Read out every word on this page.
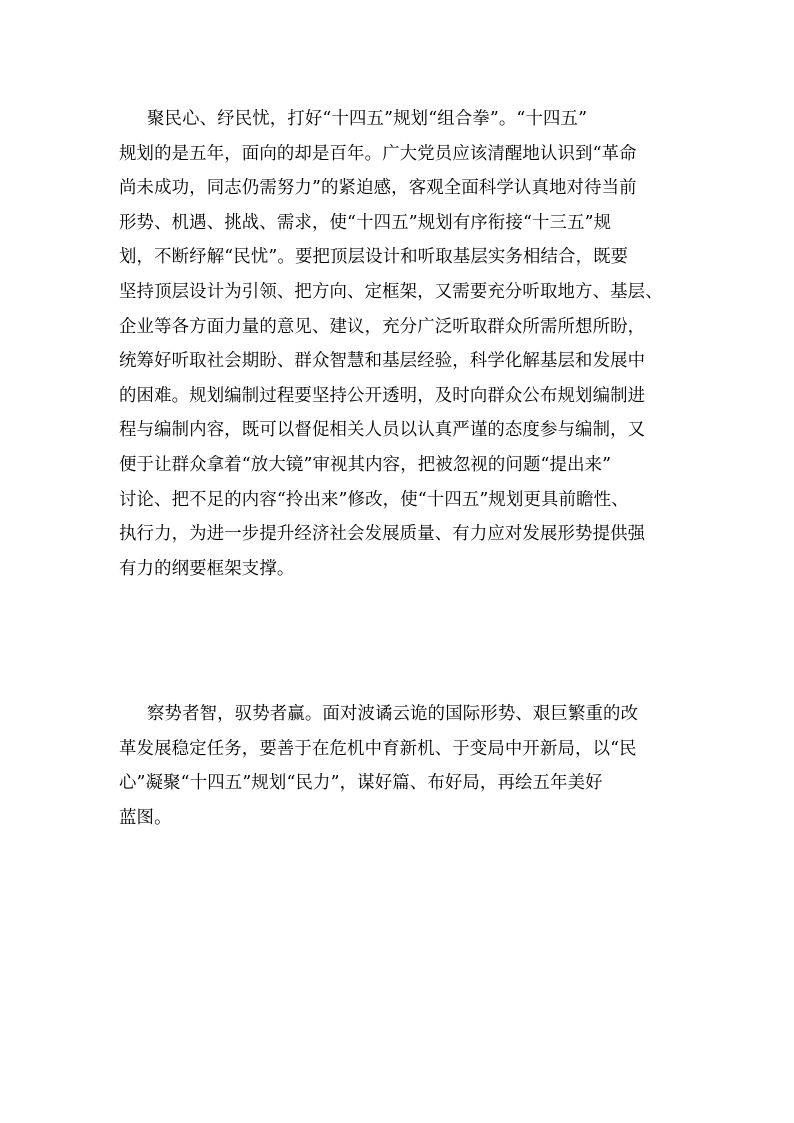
聚民心、纾民忧，打好“十四五”规划“组合拳”。“十四五”
规划的是五年，面向的却是百年。广大党员应该清醒地认识到“革命
尚未成功，同志仍需努力”的紧迫感，客观全面科学认真地对待当前
形势、机遇、挑战、需求，使“十四五”规划有序衔接“十三五”规
划，不断纾解“民忧”。要把顶层设计和听取基层实务相结合，既要
坚持顶层设计为引领、把方向、定框架，又需要充分听取地方、基层、
企业等各方面力量的意见、建议，充分广泛听取群众所需所想所盼，
统筹好听取社会期盼、群众智慧和基层经验，科学化解基层和发展中
的困难。规划编制过程要坚持公开透明，及时向群众公布规划编制进
程与编制内容，既可以督促相关人员以认真严谨的态度参与编制，又
便于让群众拿着“放大镜”审视其内容，把被忽视的问题“提出来”
讨论、把不足的内容“拎出来”修改，使“十四五”规划更具前瞻性、
执行力，为进一步提升经济社会发展质量、有力应对发展形势提供强
有力的纲要框架支撑。
察势者智，驭势者赢。面对波谲云诡的国际形势、艰巨繁重的改
革发展稳定任务，要善于在危机中育新机、于变局中开新局，以“民
心”凝聚“十四五”规划“民力”，谋好篇、布好局，再绘五年美好
蓝图。
